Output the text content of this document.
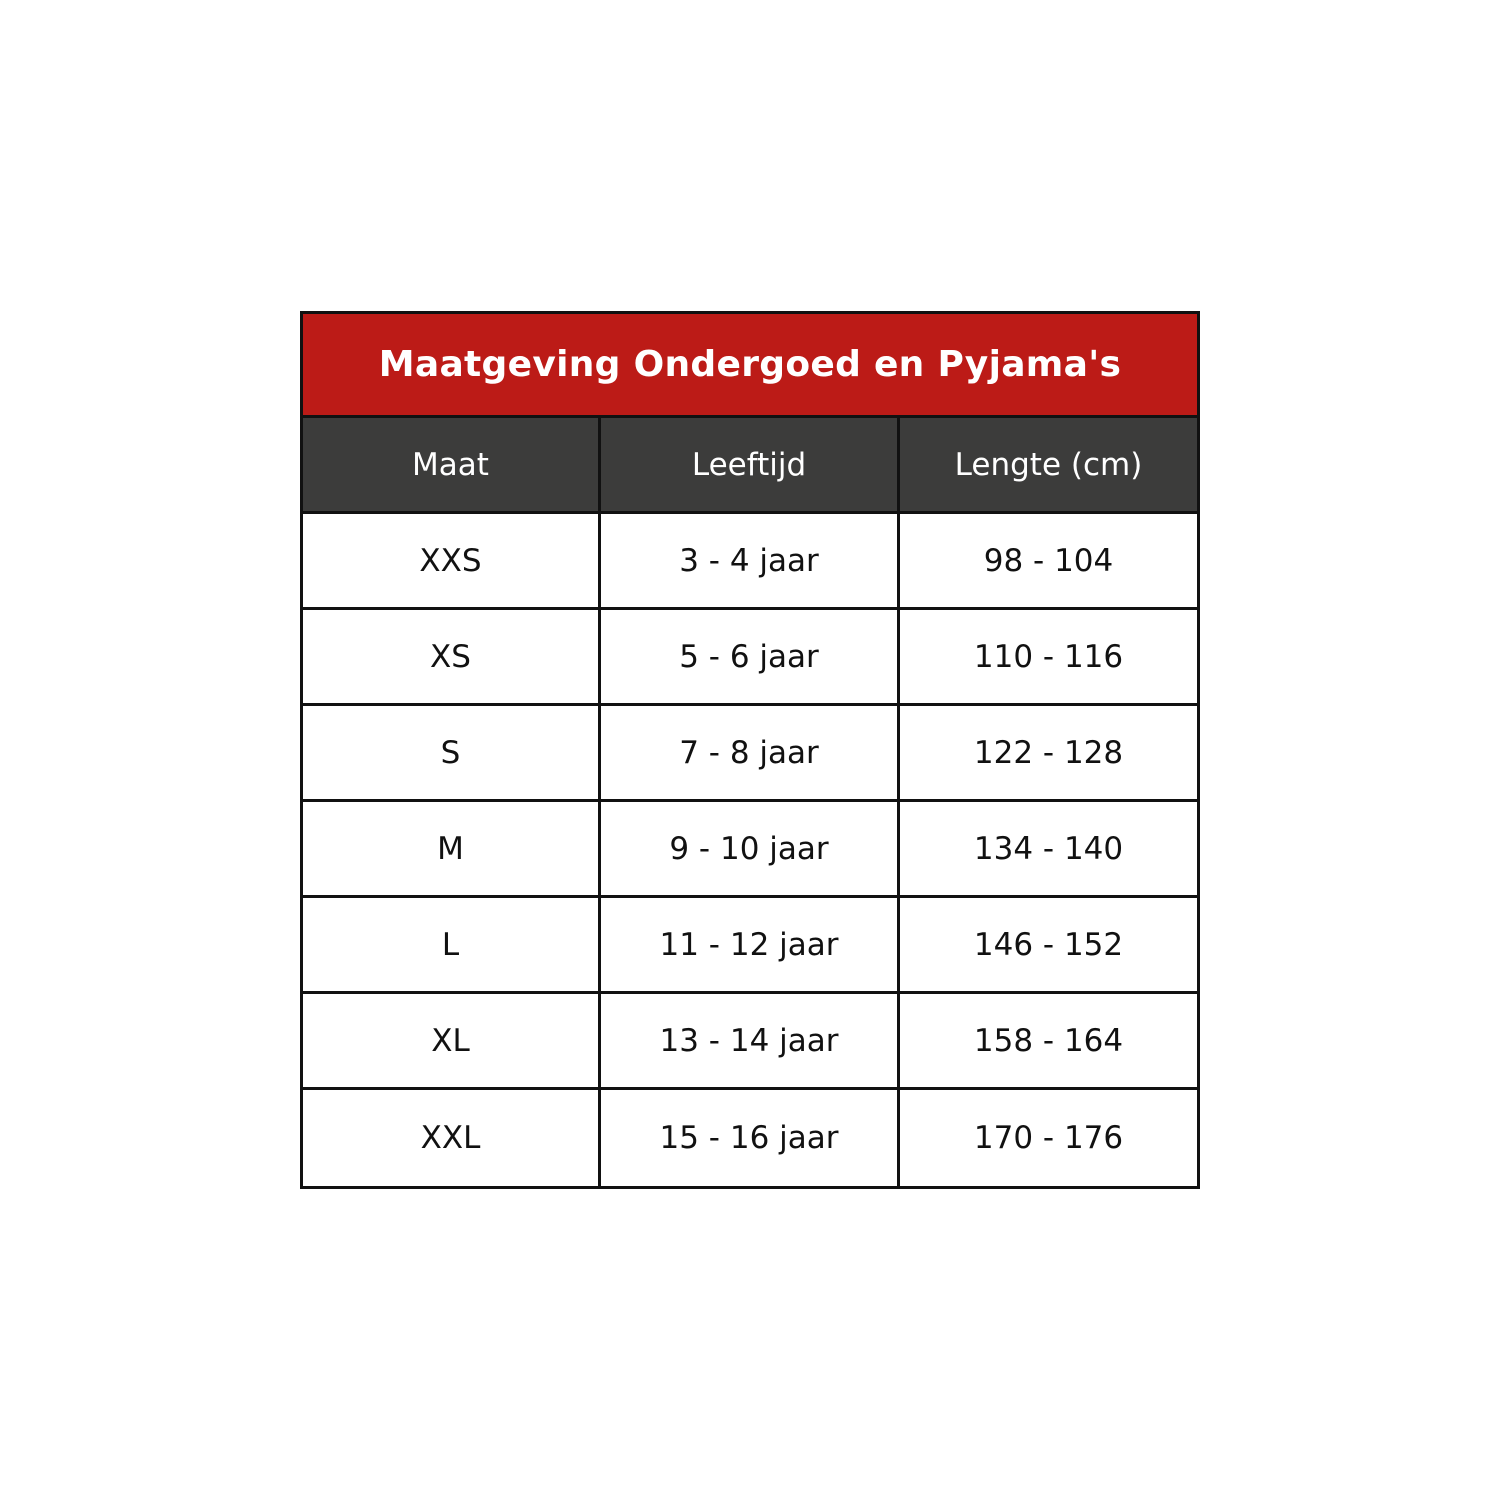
Maatgeving Ondergoed en Pyjama's
Maat	Leeftijd	Lengte (cm)
XXS	3 - 4 jaar	98 - 104
XS	5 - 6 jaar	110 - 116
S	7 - 8 jaar	122 - 128
M	9 - 10 jaar	134 - 140
L	11 - 12 jaar	146 - 152
XL	13 - 14 jaar	158 - 164
XXL	15 - 16 jaar	170 - 176
